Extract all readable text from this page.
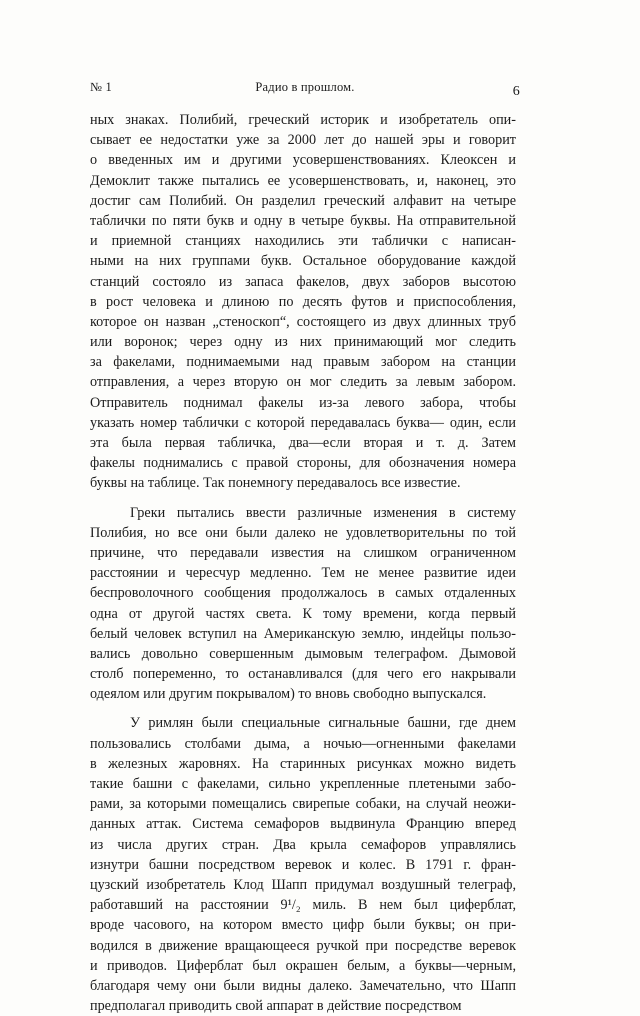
№ 1	Радио в прошлом.	6
ных знаках. Полибий, греческий историк и изобретатель опи-
сывает ее недостатки уже за 2000 лет до нашей эры и говорит
о введенных им и другими усовершенствованиях. Клеоксен и
Демоклит также пытались ее усовершенствовать, и, наконец, это
достиг сам Полибий. Он разделил греческий алфавит на четыре
таблички по пяти букв и одну в четыре буквы. На отправительной
и приемной станциях находились эти таблички с написан-
ными на них группами букв. Остальное оборудование каждой
станций состояло из запаса факелов, двух заборов высотою
в рост человека и длиною по десять футов и приспособления,
которое он назван „стеноскоп“, состоящего из двух длинных труб
или воронок; через одну из них принимающий мог следить
за факелами, поднимаемыми над правым забором на станции
отправления, а через вторую он мог следить за левым забором.
Отправитель поднимал факелы из-за левого забора, чтобы
указать номер таблички с которой передавалась буква— один, если
эта была первая табличка, два—если вторая и т. д. Затем
факелы поднимались с правой стороны, для обозначения номера
буквы на таблице. Так понемногу передавалось все известие.
Греки пытались ввести различные изменения в системy
Полибия, но все они были далеко не удовлетворительны по той
причине, что передавали известия на слишком ограниченном
расстоянии и чересчур медленно. Тем не менее развитие идеи
беспроволочного сообщения продолжалось в самых отдаленных
одна от другой частях света. К тому времени, когда первый
белый человек вступил на Американскую землю, индейцы пользо-
вались довольно совершенным дымовым телеграфом. Дымовой
столб попеременно, то останавливался (для чего его накрывали
одеялом или другим покрывалом) то вновь свободно выпускался.
У римлян были специальные сигнальные башни, где днем
пользовались столбами дыма, а ночью—огненными факелами
в железных жаровнях. На старинных рисунках можно видеть
такие башни с факелами, сильно укрепленные плетеными забо-
рами, за которыми помещались свирепые собаки, на случай неожи-
данных аттак. Система семафоров выдвинула Францию вперед
из числа других стран. Два крыла семафоров управлялись
изнутри башни посредством веревок и колес. В 1791 г. фран-
цузский изобретатель Клод Шапп придумал воздушный телеграф,
работавший на расстоянии 9¹/₂ миль. В нем был циферблат,
вроде часового, на котором вместо цифр были буквы; он при-
водился в движение вращающееся ручкой при посредстве веревок
и приводов. Циферблат был окрашен белым, а буквы—черным,
благодаря чему они были видны далеко. Замечательно, что Шапп
предполагал приводить свой аппарат в действие посредством
